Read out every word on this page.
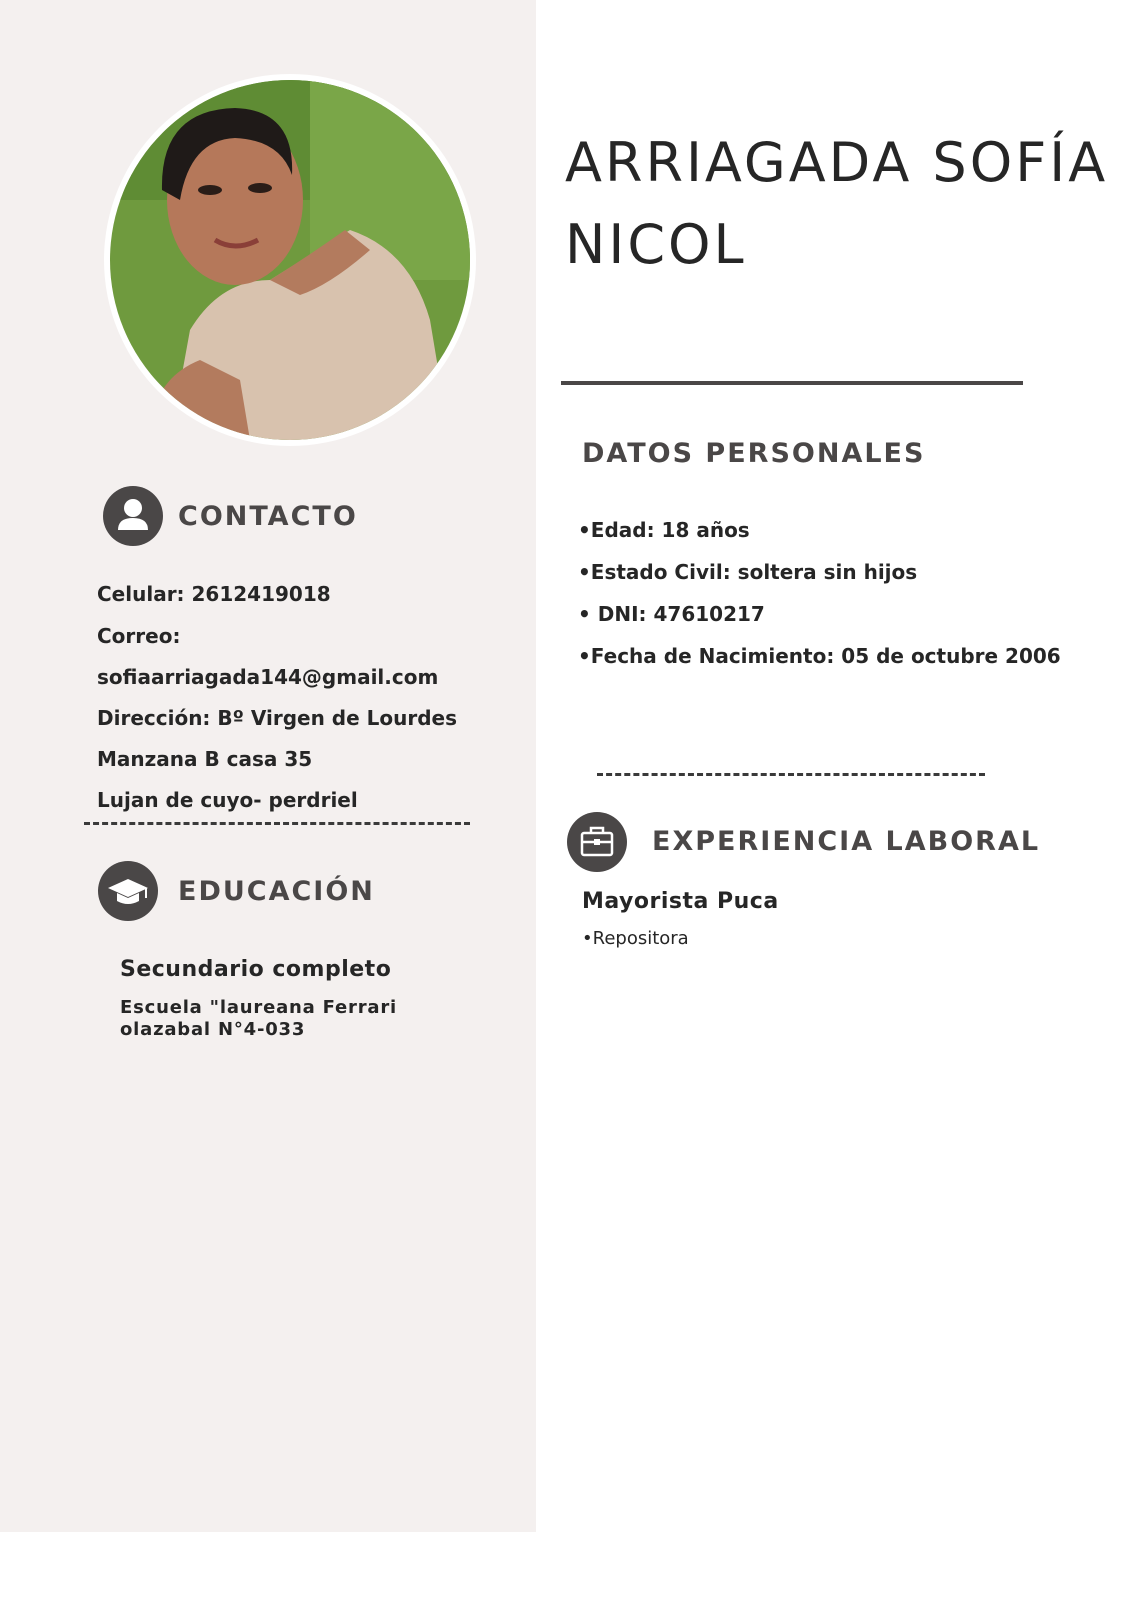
CONTACTO
Celular: 2612419018
Correo:
sofiaarriagada144@gmail.com
Dirección: Bº Virgen de Lourdes
Manzana B casa 35
Lujan de cuyo- perdriel
EDUCACIÓN
Secundario completo
Escuela "laureana Ferrari olazabal N°4-033
ARRIAGADA SOFÍA
NICOL
DATOS PERSONALES
•Edad: 18 años
•Estado Civil: soltera sin hijos
• DNI: 47610217
•Fecha de Nacimiento: 05 de octubre 2006
EXPERIENCIA LABORAL
Mayorista Puca
•Repositora
